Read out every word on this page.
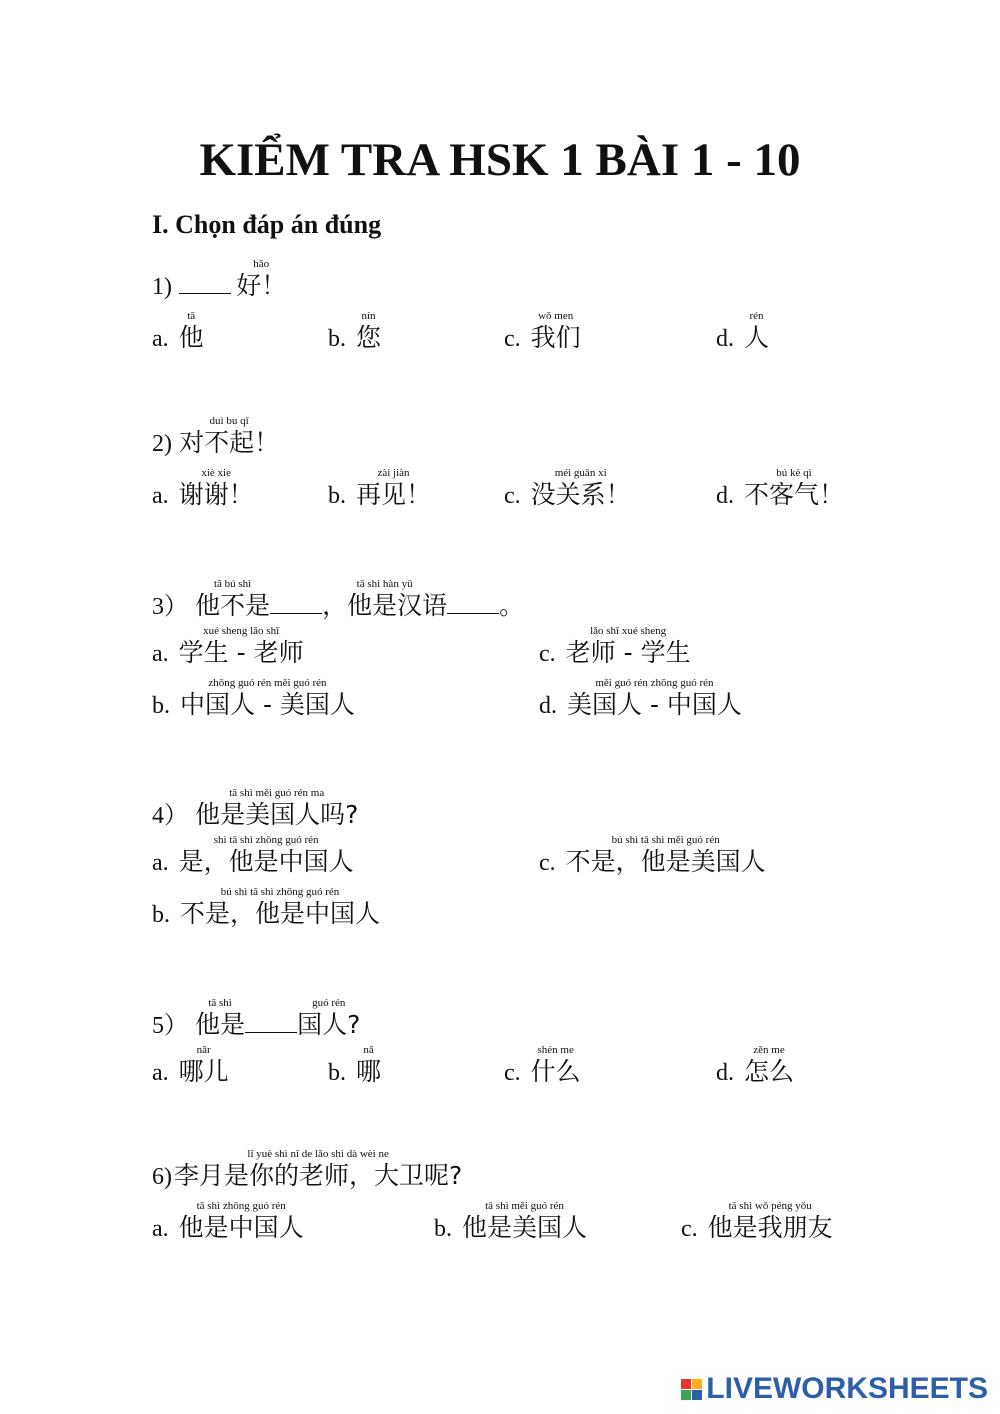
KIỂM TRA HSK 1 BÀI 1 - 10
I. Chọn đáp án đúng
1)
hǎo
好！
a.
tā
他	b.
nín
您	c.
wǒ men
我们	d.
rén
人
2)
duì bu qǐ
对不起！
a.
xiè xie
谢谢！	b.
zài jiàn
再见！	c.
méi guān xi
没关系！	d.
bú kè qi
不客气！
3）
tā bú shì
他不是
tā shì hàn yǔ
，他是汉语 。
a.
xué sheng lǎo shī
学生 - 老师	c.
lǎo shī xué sheng
老师 - 学生
b.
zhōng guó rén měi guó rén
中国人 - 美国人	d.
měi guó rén zhōng guó rén
美国人 - 中国人
4）
tā shì měi guó rén ma
他是美国人吗?
a.
shì tā shì zhōng guó rén
是，他是中国人	c.
bú shì tā shì měi guó rén
不是，他是美国人
b.
bú shì tā shì zhōng guó rén
不是，他是中国人
5）
tā shì
他是
guó rén
国人?
a.
nǎr
哪儿	b.
nǎ
哪	c.
shén me
什么	d.
zěn me
怎么
6)
lǐ yuè shì nǐ de lǎo shi dà wèi ne
李月是你的老师，大卫呢?
a.
tā shì zhōng guó rén
他是中国人	b.
tā shì měi guó rén
他是美国人	c.
tā shì wǒ péng yǒu
他是我朋友
LIVEWORKSHEETS
